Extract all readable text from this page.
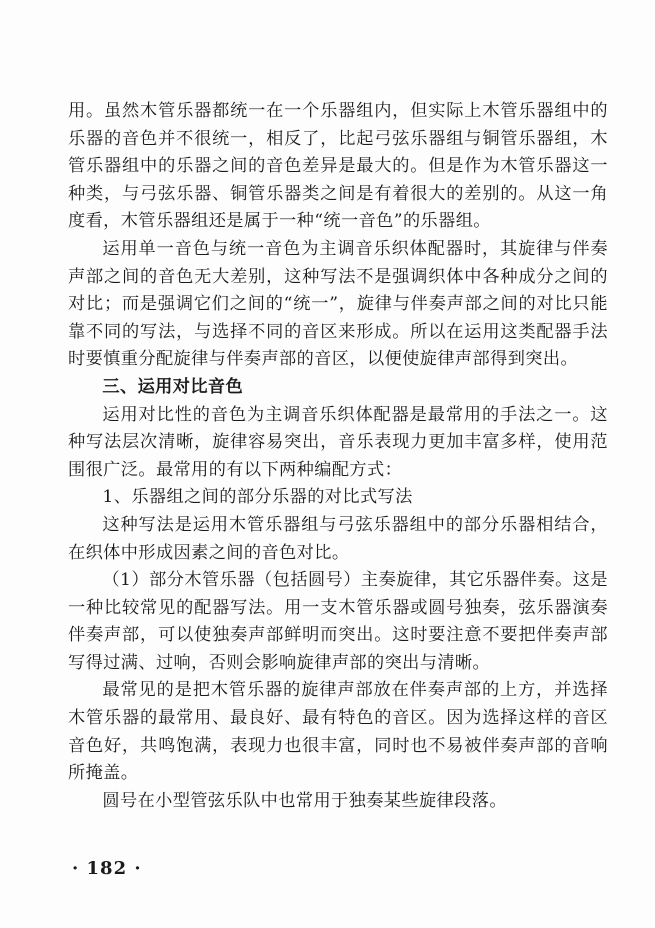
用。虽然木管乐器都统一在一个乐器组内，但实际上木管乐器组中的乐器的音色并不很统一，相反了，比起弓弦乐器组与铜管乐器组，木管乐器组中的乐器之间的音色差异是最大的。但是作为木管乐器这一种类，与弓弦乐器、铜管乐器类之间是有着很大的差别的。从这一角度看，木管乐器组还是属于一种“统一音色”的乐器组。

运用单一音色与统一音色为主调音乐织体配器时，其旋律与伴奏声部之间的音色无大差别，这种写法不是强调织体中各种成分之间的对比；而是强调它们之间的“统一”，旋律与伴奏声部之间的对比只能靠不同的写法，与选择不同的音区来形成。所以在运用这类配器手法时要慎重分配旋律与伴奏声部的音区，以便使旋律声部得到突出。

三、运用对比音色

运用对比性的音色为主调音乐织体配器是最常用的手法之一。这种写法层次清晰，旋律容易突出，音乐表现力更加丰富多样，使用范围很广泛。最常用的有以下两种编配方式：

1、乐器组之间的部分乐器的对比式写法

这种写法是运用木管乐器组与弓弦乐器组中的部分乐器相结合，在织体中形成因素之间的音色对比。

（1）部分木管乐器（包括圆号）主奏旋律，其它乐器伴奏。这是一种比较常见的配器写法。用一支木管乐器或圆号独奏，弦乐器演奏伴奏声部，可以使独奏声部鲜明而突出。这时要注意不要把伴奏声部写得过满、过响，否则会影响旋律声部的突出与清晰。

最常见的是把木管乐器的旋律声部放在伴奏声部的上方，并选择木管乐器的最常用、最良好、最有特色的音区。因为选择这样的音区音色好，共鸣饱满，表现力也很丰富，同时也不易被伴奏声部的音响所掩盖。

圆号在小型管弦乐队中也常用于独奏某些旋律段落。

· 182 ·
